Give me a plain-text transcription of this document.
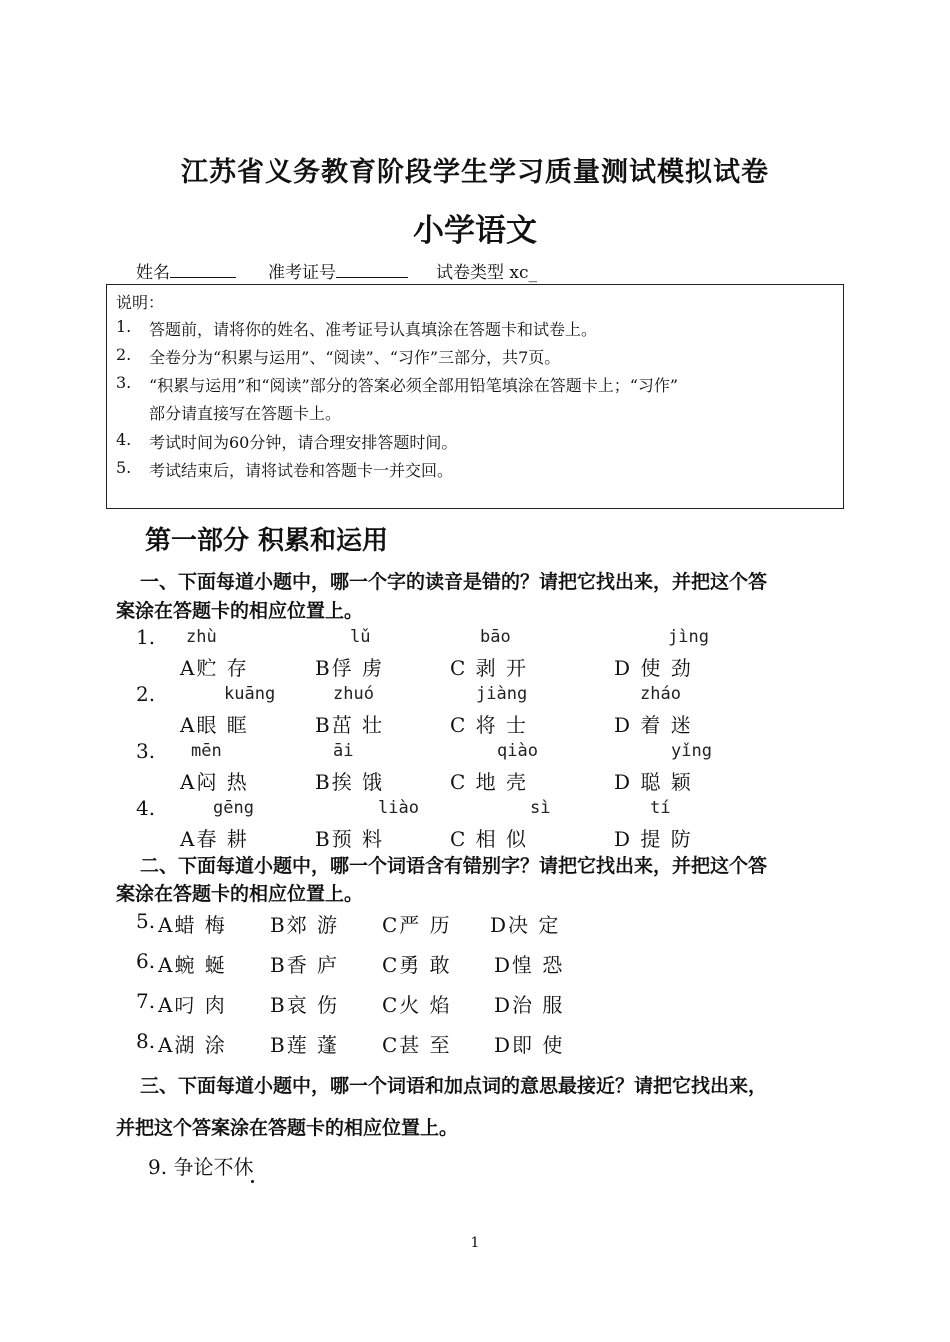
江苏省义务教育阶段学生学习质量测试模拟试卷
小学语文
姓名	准考证号	试卷类型 xc_
说明：
1. 答题前，请将你的姓名、准考证号认真填涂在答题卡和试卷上。
2. 全卷分为“积累与运用”、“阅读”、“习作”三部分，共7页。
3. “积累与运用”和“阅读”部分的答案必须全部用铅笔填涂在答题卡上；“习作”
部分请直接写在答题卡上。
4. 考试时间为60分钟，请合理安排答题时间。
5. 考试结束后，请将试卷和答题卡一并交回。
第一部分 积累和运用
一、下面每道小题中，哪一个字的读音是错的？请把它找出来，并把这个答
案涂在答题卡的相应位置上。
1. zhù	lǔ	bāo	jìng
A贮 存	B俘 虏	C 剥 开	D 使 劲
2.	kuāng	zhuó	jiàng	zháo
A眼 眶	B茁 壮	C 将 士	D 着 迷
3. mēn	āi	qiào	yǐng
A闷 热	B挨 饿	C 地 壳	D 聪 颖
4.	gēng	liào	sì	tí
A春 耕	B预 料	C 相 似	D 提 防
二、下面每道小题中，哪一个词语含有错别字？请把它找出来，并把这个答
案涂在答题卡的相应位置上。
5. A蜡 梅 B郊 游 C严 历 D决 定
6. A蜿 蜒 B香 庐 C勇 敢 D惶 恐
7. A叼 肉 B哀 伤 C火 焰 D治 服
8. A湖 涂 B莲 蓬 C甚 至 D即 使
三、下面每道小题中，哪一个词语和加点词的意思最接近？请把它找出来，
并把这个答案涂在答题卡的相应位置上。
9. 争论不休
1
